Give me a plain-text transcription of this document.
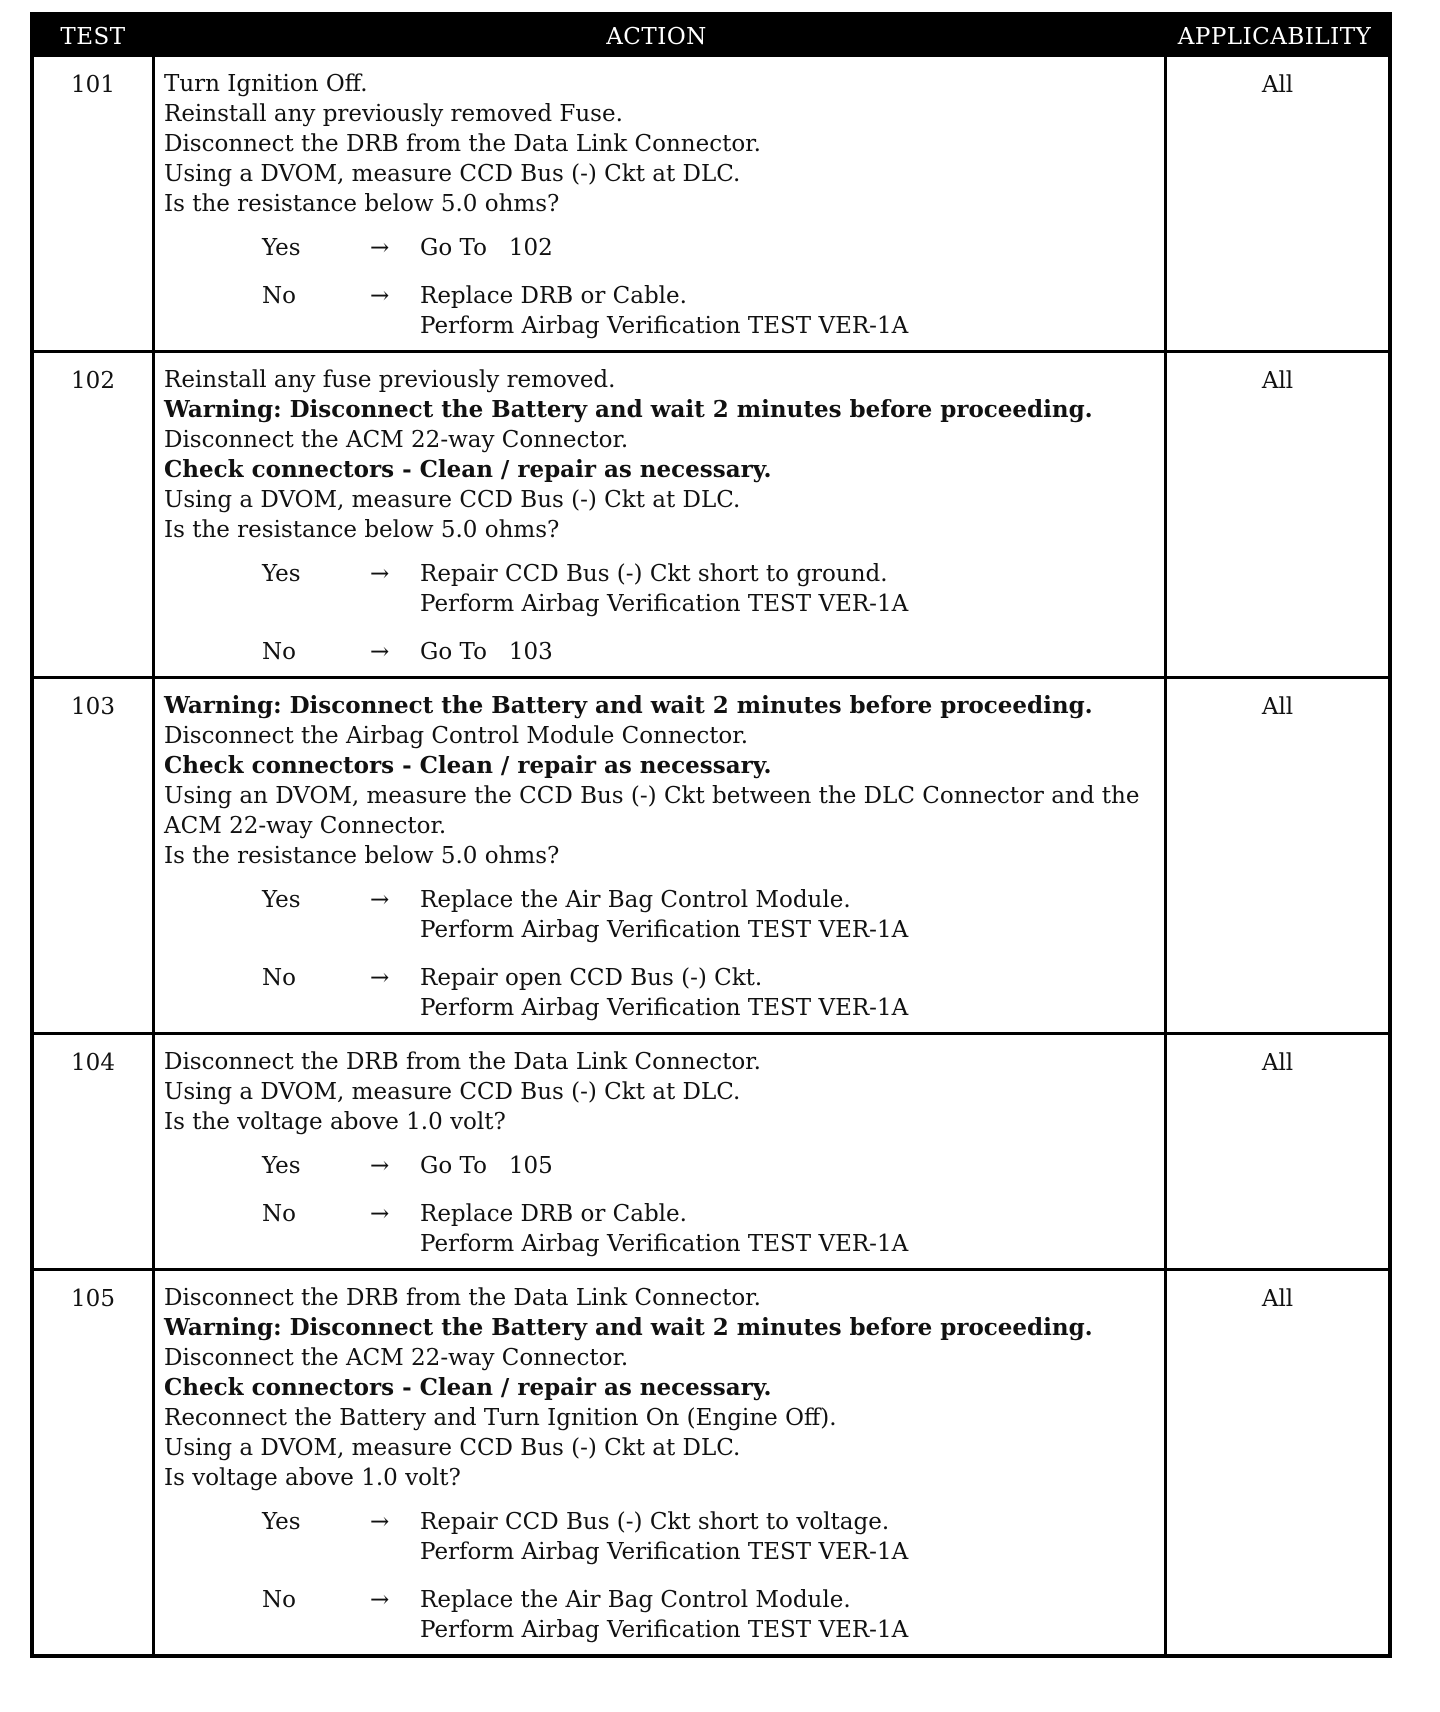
TEST	ACTION	APPLICABILITY
101	Turn Ignition Off.
Reinstall any previously removed Fuse.
Disconnect the DRB from the Data Link Connector.
Using a DVOM, measure CCD Bus (-) Ckt at DLC.
Is the resistance below 5.0 ohms?
Yes	→	Go To   102
No	→	Replace DRB or Cable.
Perform Airbag Verification TEST VER-1A
All
102	Reinstall any fuse previously removed.
Warning: Disconnect the Battery and wait 2 minutes before proceeding.
Disconnect the ACM 22-way Connector.
Check connectors - Clean / repair as necessary.
Using a DVOM, measure CCD Bus (-) Ckt at DLC.
Is the resistance below 5.0 ohms?
Yes	→	Repair CCD Bus (-) Ckt short to ground.
Perform Airbag Verification TEST VER-1A
No	→	Go To   103
All
103	Warning: Disconnect the Battery and wait 2 minutes before proceeding.
Disconnect the Airbag Control Module Connector.
Check connectors - Clean / repair as necessary.
Using an DVOM, measure the CCD Bus (-) Ckt between the DLC Connector and the
ACM 22-way Connector.
Is the resistance below 5.0 ohms?
Yes	→	Replace the Air Bag Control Module.
Perform Airbag Verification TEST VER-1A
No	→	Repair open CCD Bus (-) Ckt.
Perform Airbag Verification TEST VER-1A
All
104	Disconnect the DRB from the Data Link Connector.
Using a DVOM, measure CCD Bus (-) Ckt at DLC.
Is the voltage above 1.0 volt?
Yes	→	Go To   105
No	→	Replace DRB or Cable.
Perform Airbag Verification TEST VER-1A
All
105	Disconnect the DRB from the Data Link Connector.
Warning: Disconnect the Battery and wait 2 minutes before proceeding.
Disconnect the ACM 22-way Connector.
Check connectors - Clean / repair as necessary.
Reconnect the Battery and Turn Ignition On (Engine Off).
Using a DVOM, measure CCD Bus (-) Ckt at DLC.
Is voltage above 1.0 volt?
Yes	→	Repair CCD Bus (-) Ckt short to voltage.
Perform Airbag Verification TEST VER-1A
No	→	Replace the Air Bag Control Module.
Perform Airbag Verification TEST VER-1A
All
